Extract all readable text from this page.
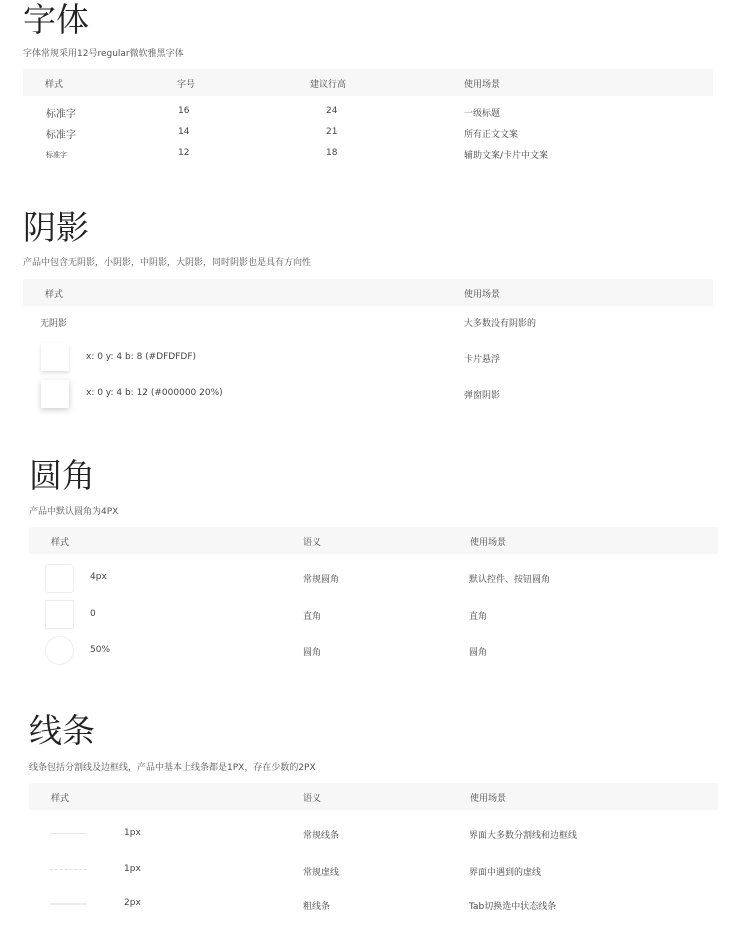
字体
字体常规采用12号regular微软雅黑字体
样式	字号	建议行高	使用场景
标准字	16	24	一级标题
标准字	14	21	所有正文文案
标准字	12	18	辅助文案/卡片中文案
阴影
产品中包含无阴影，小阴影，中阴影，大阴影，同时阴影也是具有方向性
样式	使用场景
无阴影	大多数没有阴影的
x: 0 y: 4 b: 8 (#DFDFDF)	卡片悬浮
x: 0 y: 4 b: 12 (#000000 20%)	弹窗阴影
圆角
产品中默认圆角为4PX
样式	语义	使用场景
4px	常规圆角	默认控件、按钮圆角
0	直角	直角
50%	圆角	圆角
线条
线条包括分割线及边框线，产品中基本上线条都是1PX，存在少数的2PX
样式	语义	使用场景
1px	常规线条	界面大多数分割线和边框线
1px	常规虚线	界面中遇到的虚线
2px	粗线条	Tab切换选中状态线条
